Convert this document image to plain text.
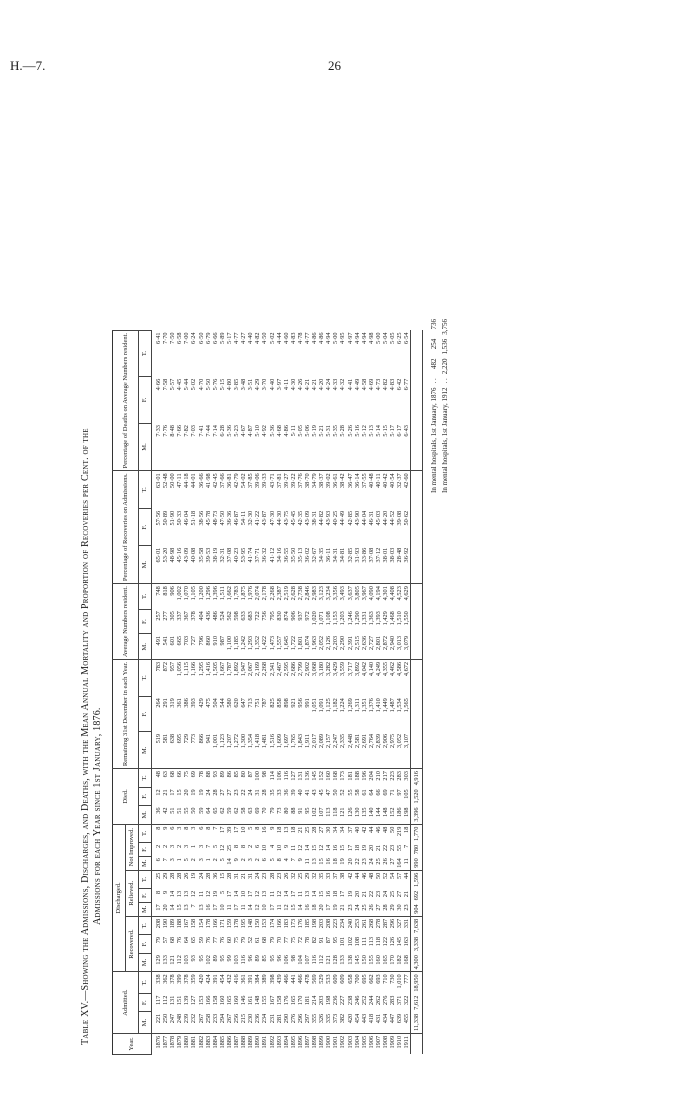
H.—7.	26
Table XV.—Showing the Admissions, Discharges, and Deaths, with the Mean Annual Mortality and Proportion of Recoveries per Cent. of the Admissions for each Year since 1st January, 1876.
Year.	Admitted.			Discharged.									Died.			Remaining 31st December in each Year.			Average Numbers resident.			Percentage of Recoveries on Admissions.			Percentage of Deaths on Average Numbers resident.		
				Recovered.			Relieved.			Not Improved.																	
	M.	F.	T.	M.	F.	T.	M.	F.	T.	M.	F.	T.	M.	F.	T.	M.	F.	T.	M.	F.	T.	M.	F.	T.	M.	F.	T.
1876	221	117	338	129	79	208	17	8	25	6	2	8	36	12	48	519	264	783	491	257	748	65·01	57·56	63·01	7·33	4·66	6·41
1877	250	112	362	133	57	190	20	9	29	7	2	9	42	21	63	581	291	872	541	277	818	53·20	50·89	52·48	7·76	7·58	7·70
1878	247	131	378	121	68	189	14	14	28	3	3	6	51	17	68	638	319	957	601	305	906	48·98	51·90	50·00	8·48	5·57	7·50
1879	248	151	399	112	76	188	15	13	28	1	2	3	51	15	66	695	361	1,056	665	337	1,002	45·16	50·33	47·11	7·66	4·45	6·58
1880	239	139	378	103	64	167	13	13	26	5	3	8	55	20	75	729	386	1,115	703	367	1,070	43·09	46·04	44·18	7·82	5·44	7·00
1881	232	127	359	93	65	158	7	12	19	2	1	3	50	19	69	773	393	1,166	727	378	1,105	40·08	51·18	44·01	7·03	5·02	6·24
1882	267	153	420	95	59	154	13	11	24	3	3	6	59	19	78	866	429	1,295	796	404	1,200	35·58	38·56	36·66	7·41	4·70	6·50
1883	258	166	424	102	76	178	16	12	28	1	7	8	64	24	88	941	475	1,416	860	436	1,296	39·53	45·78	41·98	7·44	5·50	6·79
1884	233	158	391	89	77	166	17	19	36	2	5	7	65	28	93	1,001	504	1,505	910	486	1,396	38·19	48·73	42·45	7·14	5·76	6·66
1885	294	160	454	95	76	171	10	5	15	5	12	17	62	27	89	1,123	544	1,667	987	524	1,511	32·31	47·50	37·66	6·28	5·15	5·89
1886	267	165	432	99	60	159	11	17	28	14	25	39	59	27	86	1,207	580	1,787	1,100	562	1,662	37·08	36·36	36·81	5·36	4·80	5·17
1887	256	160	416	103	75	178	17	14	31	9	8	17	62	23	85	1,272	620	1,892	1,185	598	1,783	40·23	46·87	42·79	5·23	3·85	4·77
1888	215	146	361	116	79	195	11	10	21	2	8	10	58	22	80	1,300	647	1,947	1,242	633	1,875	53·95	54·11	54·02	4·67	3·48	4·27
1889	230	161	391	96	52	148	14	17	31	3	2	5	63	24	87	1,354	713	2,067	1,293	683	1,976	41·74	32·30	37·85	4·87	3·51	4·40
1890	236	148	384	89	61	150	12	12	24	2	6	8	69	31	100	1,418	751	2,169	1,352	722	2,074	37·71	41·22	39·06	5·10	4·29	4·82
1891	234	155	389	85	68	153	10	13	23	6	10	16	70	28	98	1,481	787	2,268	1,422	756	2,178	36·32	43·87	39·33	4·92	3·70	4·50
1892	231	167	398	95	79	174	17	11	28	5	4	9	79	35	114	1,516	825	2,341	1,473	795	2,268	41·12	47·30	43·71	5·36	4·40	5·02
1893	281	158	439	96	70	166	11	12	23	8	10	18	73	33	106	1,609	858	2,467	1,557	830	2,387	34·16	44·30	37·81	4·68	3·97	4·44
1894	290	176	466	106	77	183	12	14	26	4	9	13	80	36	116	1,697	898	2,595	1,645	874	2,519	36·55	43·75	39·27	4·86	4·11	4·60
1895	276	165	441	98	75	173	15	17	32	7	11	18	88	39	127	1,765	921	2,686	1,722	906	2,628	35·50	45·45	39·22	5·11	4·30	4·83
1896	296	170	466	104	72	176	14	11	25	9	12	21	91	40	131	1,843	956	2,799	1,801	937	2,738	35·13	42·35	37·76	5·05	4·26	4·78
1897	297	181	478	107	78	185	16	13	29	11	14	25	95	41	136	1,911	991	2,902	1,874	972	2,846	36·02	43·09	38·70	5·06	4·21	4·77
1898	355	214	569	116	82	198	18	14	32	13	15	28	102	43	145	2,017	1,051	3,068	1,963	1,020	2,983	32·67	38·31	34·79	5·19	4·21	4·86
1899	326	203	529	112	91	203	20	15	35	15	12	27	107	45	152	2,089	1,091	3,180	2,052	1,071	3,123	34·35	44·82	38·37	5·21	4·20	4·86
1900	335	198	533	121	87	208	17	16	33	16	14	30	113	47	160	2,157	1,125	3,282	2,126	1,108	3,234	36·11	43·93	39·02	5·31	4·24	4·94
1901	373	236	609	128	95	223	19	18	37	18	16	34	118	50	168	2,247	1,182	3,429	2,203	1,153	3,356	34·31	40·25	36·61	5·35	4·33	5·00
1902	382	227	609	133	101	234	21	17	38	19	15	34	121	52	173	2,335	1,224	3,559	2,290	1,203	3,493	34·81	44·49	38·42	5·28	4·32	4·95
1903	420	238	658	138	102	240	23	19	42	20	17	37	126	55	181	2,448	1,269	3,717	2,391	1,246	3,637	32·85	42·85	36·47	5·26	4·41	4·97
1904	454	246	700	145	108	253	24	20	44	22	18	40	130	58	188	2,581	1,311	3,892	2,515	1,290	3,805	31·93	43·90	36·14	5·16	4·49	4·94
1905	443	252	695	150	111	261	25	21	46	23	19	42	135	61	196	2,691	1,351	4,042	2,636	1,331	3,967	33·86	44·04	37·55	5·12	4·58	4·94
1906	418	244	662	155	113	268	26	22	48	24	20	44	140	64	204	2,764	1,376	4,140	2,727	1,363	4,090	37·08	46·31	40·48	5·13	4·69	4·98
1907	431	262	693	160	118	278	27	23	50	25	21	46	144	66	210	2,839	1,410	4,249	2,801	1,393	4,194	37·12	45·03	40·11	5·14	4·73	5·00
1908	434	276	710	165	122	287	28	24	52	26	22	48	148	69	217	2,906	1,449	4,355	2,872	1,429	4,301	38·01	44·20	40·42	5·15	4·82	5·04
1909	447	283	730	170	126	296	29	25	54	27	23	50	152	71	223	2,975	1,487	4,462	2,940	1,468	4,408	38·03	44·52	40·54	5·17	4·83	5·05
1910	639	371	1,010	182	145	327	30	27	57	164	55	219	186	97	283	3,052	1,534	4,586	3,013	1,510	4,523	28·48	39·08	32·37	6·17	6·42	6·25
1911	455	322	777	168	163	331	23	21	44	11	7	18	198	105	303	3,107	1,565	4,672	3,079	1,550	4,629	36·92	50·62	42·60	6·43	6·77	6·54
	11,338	7,612	18,950	4,300	3,338	7,638	904	692	1,596	990	780	1,770	3,396	1,520	4,916												
In mental hospitals, 1st January, 1876	. .	482	254	736
In mental hospitals, 1st January, 1912	. .	2,220	1,536	3,756
